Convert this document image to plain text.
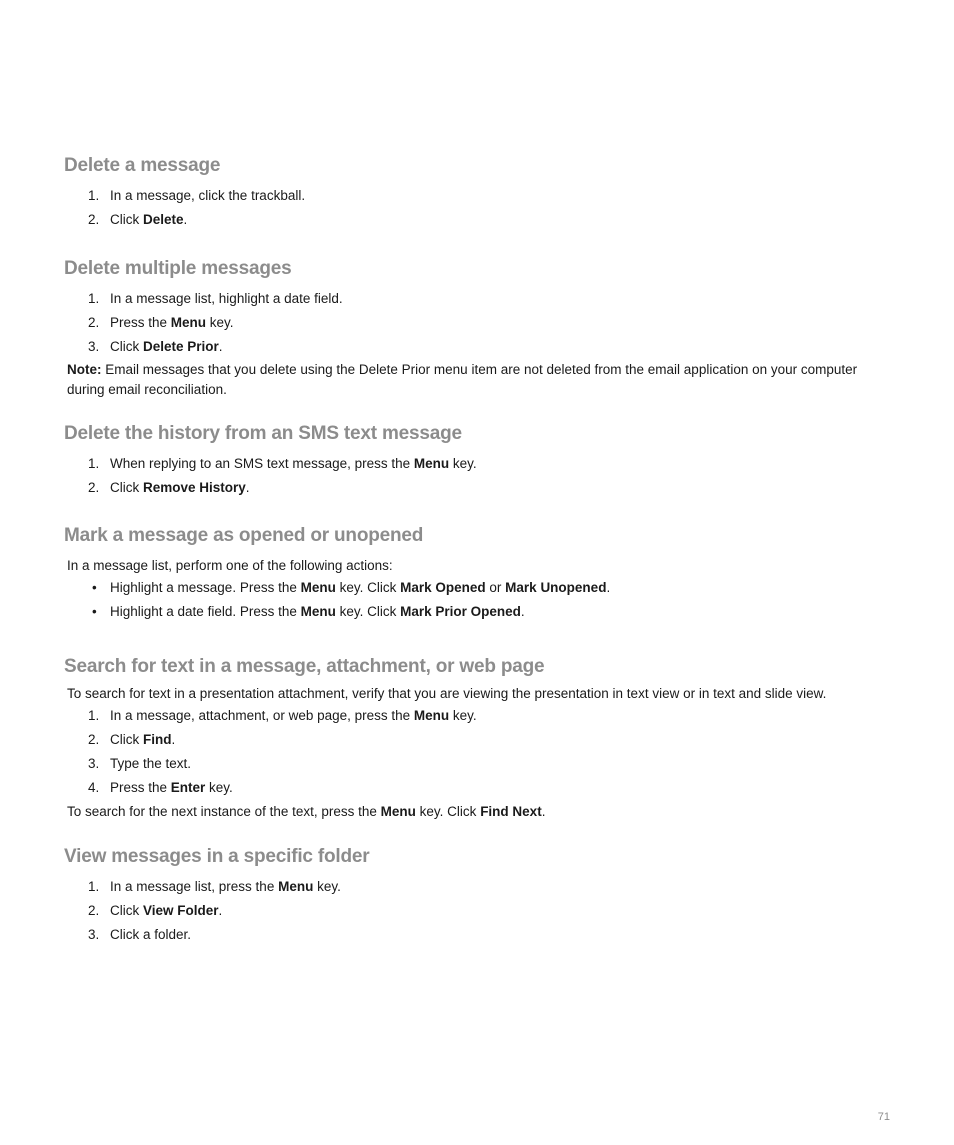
Delete a message
1. In a message, click the trackball.
2. Click Delete.
Delete multiple messages
1. In a message list, highlight a date field.
2. Press the Menu key.
3. Click Delete Prior.

Note: Email messages that you delete using the Delete Prior menu item are not deleted from the email application on your computer during email reconciliation.

Delete the history from an SMS text message
1. When replying to an SMS text message, press the Menu key.
2. Click Remove History.
Mark a message as opened or unopened

In a message list, perform one of the following actions:

• Highlight a message. Press the Menu key. Click Mark Opened or Mark Unopened.
• Highlight a date field. Press the Menu key. Click Mark Prior Opened.
Search for text in a message, attachment, or web page

To search for text in a presentation attachment, verify that you are viewing the presentation in text view or in text and slide view.

1. In a message, attachment, or web page, press the Menu key.
2. Click Find.
3. Type the text.
4. Press the Enter key.

To search for the next instance of the text, press the Menu key. Click Find Next.

View messages in a specific folder
1. In a message list, press the Menu key.
2. Click View Folder.
3. Click a folder.
71
